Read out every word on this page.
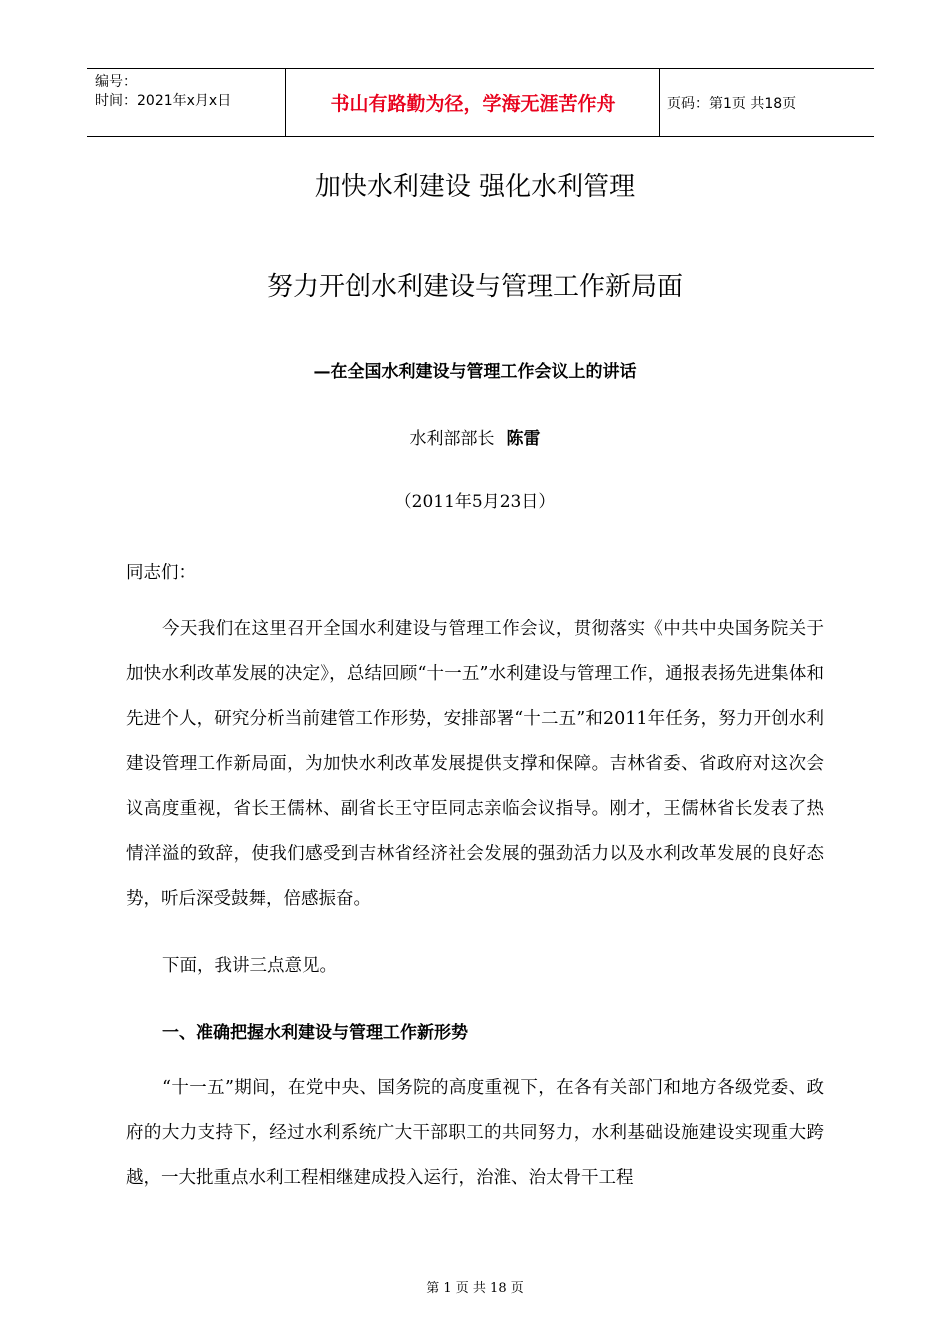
编号：
时间：2021年x月x日	书山有路勤为径，学海无涯苦作舟	页码：第1页 共18页
加快水利建设 强化水利管理
努力开创水利建设与管理工作新局面
—在全国水利建设与管理工作会议上的讲话
水利部部长 陈雷
（2011年5月23日）

同志们：

今天我们在这里召开全国水利建设与管理工作会议，贯彻落实《中共中央国务院关于加快水利改革发展的决定》，总结回顾“十一五”水利建设与管理工作，通报表扬先进集体和先进个人，研究分析当前建管工作形势，安排部署“十二五”和2011年任务，努力开创水利建设管理工作新局面，为加快水利改革发展提供支撑和保障。吉林省委、省政府对这次会议高度重视，省长王儒林、副省长王守臣同志亲临会议指导。刚才，王儒林省长发表了热情洋溢的致辞，使我们感受到吉林省经济社会发展的强劲活力以及水利改革发展的良好态势，听后深受鼓舞，倍感振奋。

下面，我讲三点意见。

一、准确把握水利建设与管理工作新形势

“十一五”期间，在党中央、国务院的高度重视下，在各有关部门和地方各级党委、政府的大力支持下，经过水利系统广大干部职工的共同努力，水利基础设施建设实现重大跨越，一大批重点水利工程相继建成投入运行，治淮、治太骨干工程

第 1 页 共 18 页
